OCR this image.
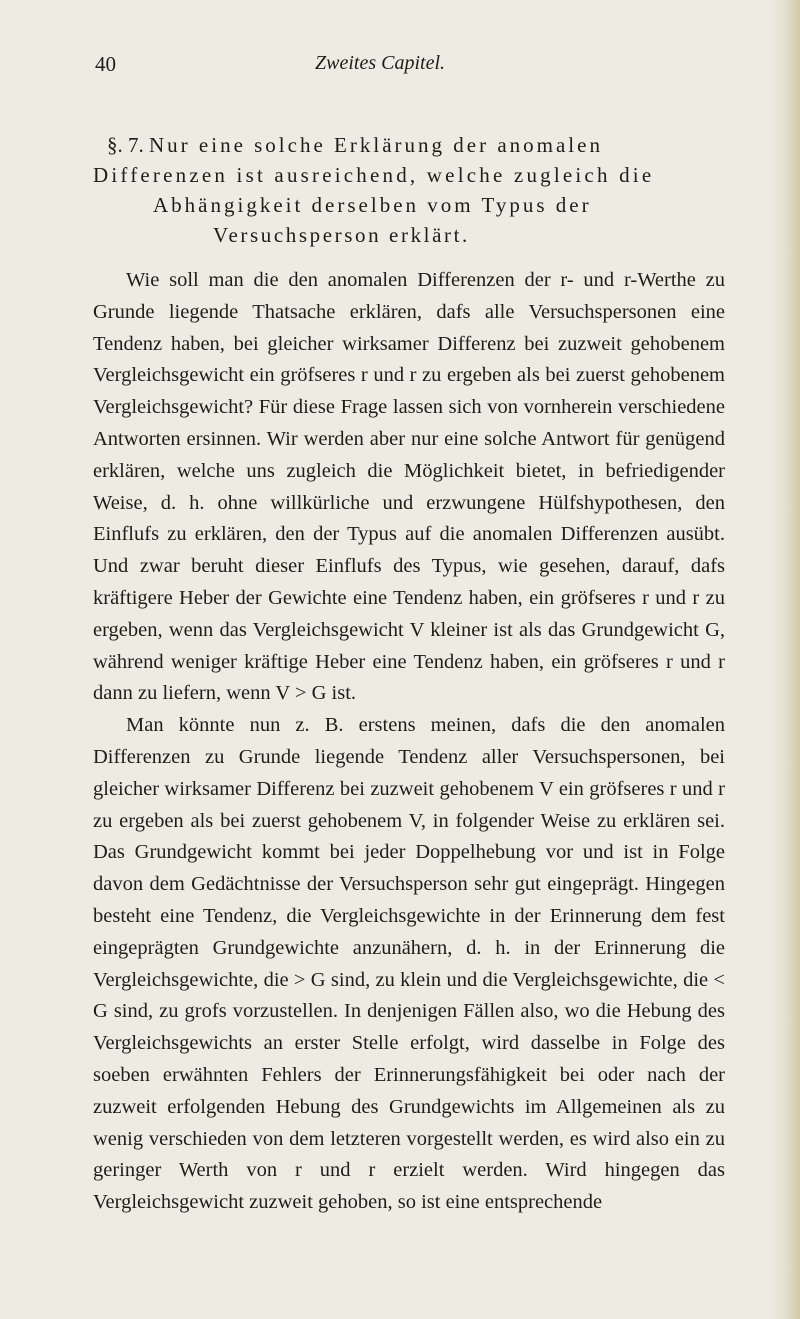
40	Zweites Capitel.
§. 7. Nur eine solche Erklärung der anomalen
Differenzen ist ausreichend, welche zugleich die
Abhängigkeit derselben vom Typus der
Versuchsperson erklärt.

Wie soll man die den anomalen Differenzen der r- und r-Werthe zu Grunde liegende Thatsache erklären, dafs alle Versuchspersonen eine Tendenz haben, bei gleicher wirksamer Differenz bei zuzweit gehobenem Vergleichsgewicht ein gröfseres r und r zu ergeben als bei zuerst gehobenem Vergleichsgewicht? Für diese Frage lassen sich von vornherein verschiedene Antworten ersinnen. Wir werden aber nur eine solche Antwort für genügend erklären, welche uns zugleich die Möglichkeit bietet, in befriedigender Weise, d. h. ohne willkürliche und erzwungene Hülfshypothesen, den Einflufs zu erklären, den der Typus auf die anomalen Differenzen ausübt. Und zwar beruht dieser Einflufs des Typus, wie gesehen, darauf, dafs kräftigere Heber der Gewichte eine Tendenz haben, ein gröfseres r und r zu ergeben, wenn das Vergleichsgewicht V kleiner ist als das Grundgewicht G, während weniger kräftige Heber eine Tendenz haben, ein gröfseres r und r dann zu liefern, wenn V > G ist.

Man könnte nun z. B. erstens meinen, dafs die den anomalen Differenzen zu Grunde liegende Tendenz aller Versuchspersonen, bei gleicher wirksamer Differenz bei zuzweit gehobenem V ein gröfseres r und r zu ergeben als bei zuerst gehobenem V, in folgender Weise zu erklären sei. Das Grundgewicht kommt bei jeder Doppelhebung vor und ist in Folge davon dem Gedächtnisse der Versuchsperson sehr gut eingeprägt. Hingegen besteht eine Tendenz, die Vergleichsgewichte in der Erinnerung dem fest eingeprägten Grundgewichte anzunähern, d. h. in der Erinnerung die Vergleichsgewichte, die > G sind, zu klein und die Vergleichsgewichte, die < G sind, zu grofs vorzustellen. In denjenigen Fällen also, wo die Hebung des Vergleichsgewichts an erster Stelle erfolgt, wird dasselbe in Folge des soeben erwähnten Fehlers der Erinnerungsfähigkeit bei oder nach der zuzweit erfolgenden Hebung des Grundgewichts im Allgemeinen als zu wenig verschieden von dem letzteren vorgestellt werden, es wird also ein zu geringer Werth von r und r erzielt werden. Wird hingegen das Vergleichsgewicht zuzweit gehoben, so ist eine entsprechende
